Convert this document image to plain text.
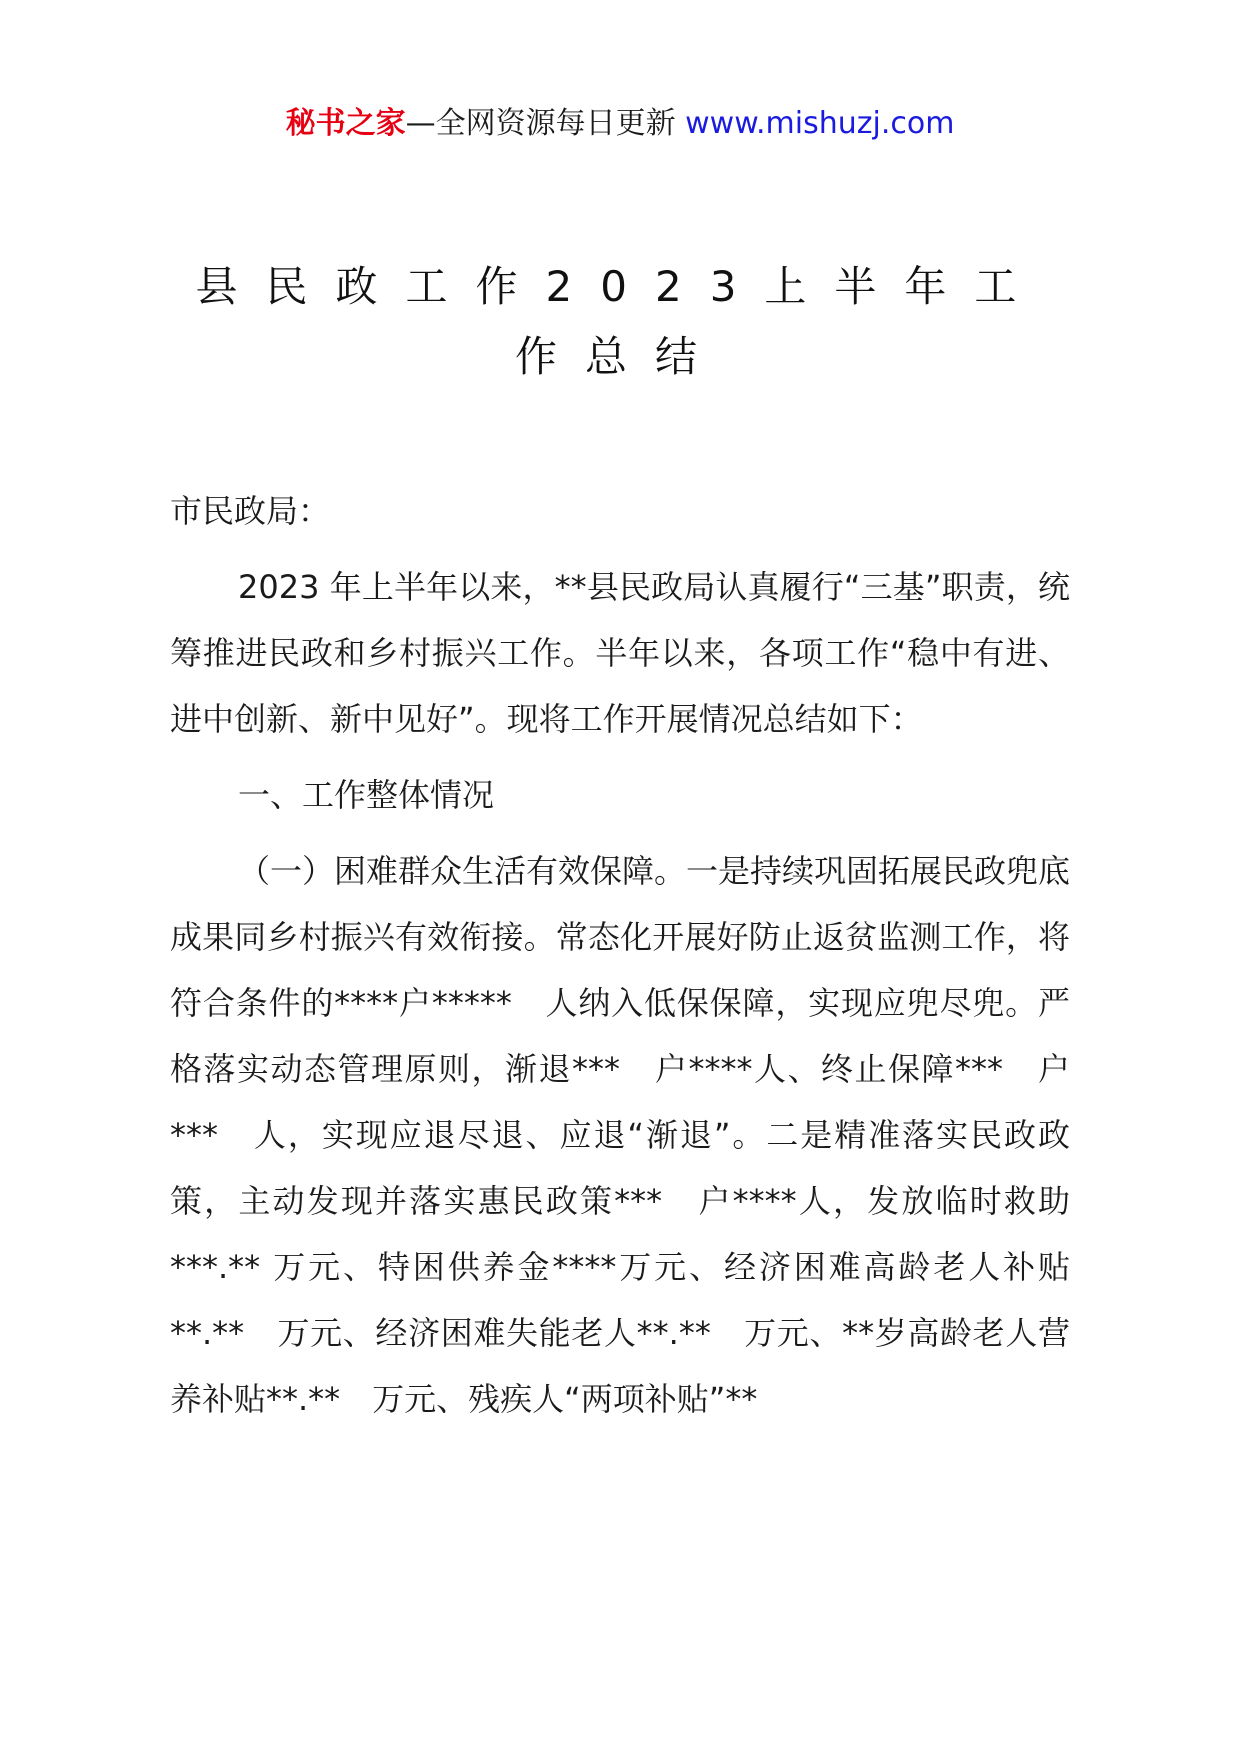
秘书之家—全网资源每日更新 www.mishuzj.com
县民政工作2023上半年工作总结

市民政局：

2023 年上半年以来，**县民政局认真履行“三基”职责，统筹推进民政和乡村振兴工作。半年以来，各项工作“稳中有进、进中创新、新中见好”。现将工作开展情况总结如下：

一、工作整体情况

（一）困难群众生活有效保障。一是持续巩固拓展民政兜底成果同乡村振兴有效衔接。常态化开展好防止返贫监测工作，将符合条件的****户*****　人纳入低保保障，实现应兜尽兜。严格落实动态管理原则，渐退***　户****人、终止保障***　户***　人，实现应退尽退、应退“渐退”。二是精准落实民政政策，主动发现并落实惠民政策***　户****人，发放临时救助***.** 万元、特困供养金****万元、经济困难高龄老人补贴**.**　万元、经济困难失能老人**.**　万元、**岁高龄老人营养补贴**.**　万元、残疾人“两项补贴”**
